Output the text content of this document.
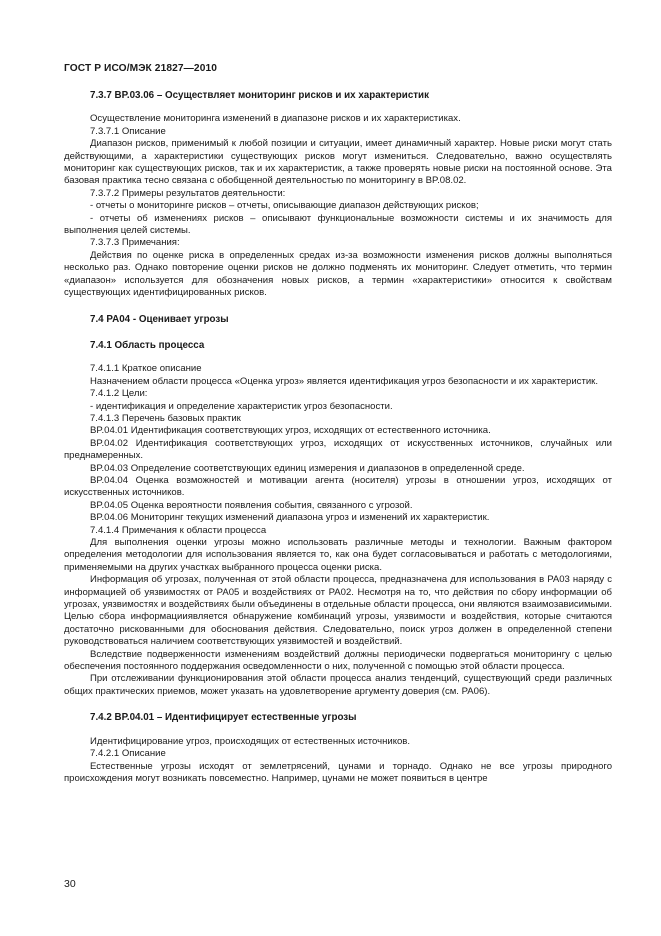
ГОСТ Р ИСО/МЭК 21827—2010
7.3.7 BP.03.06 – Осуществляет мониторинг рисков и их характеристик

Осуществление мониторинга изменений в диапазоне рисков и их характеристиках.

7.3.7.1 Описание

Диапазон рисков, применимый к любой позиции и ситуации, имеет динамичный характер. Новые риски могут стать действующими, а характеристики существующих рисков могут измениться. Следовательно, важно осуществлять мониторинг как существующих рисков, так и их характеристик, а также проверять новые риски на постоянной основе. Эта базовая практика тесно связана с обобщенной деятельностью по мониторингу в BP.08.02.

7.3.7.2 Примеры результатов деятельности:

- отчеты о мониторинге рисков – отчеты, описывающие диапазон действующих рисков;

- отчеты об изменениях рисков – описывают функциональные возможности системы и их значимость для выполнения целей системы.

7.3.7.3 Примечания:

Действия по оценке риска в определенных средах из-за возможности изменения рисков должны выполняться несколько раз. Однако повторение оценки рисков не должно подменять их мониторинг. Следует отметить, что термин «диапазон» используется для обозначения новых рисков, а термин «характеристики» относится к свойствам существующих идентифицированных рисков.

7.4 PA04 - Оценивает угрозы
7.4.1 Область процесса

7.4.1.1 Краткое описание

Назначением области процесса «Оценка угроз» является идентификация угроз безопасности и их характеристик.

7.4.1.2 Цели:

- идентификация и определение характеристик угроз безопасности.

7.4.1.3 Перечень базовых практик

BP.04.01 Идентификация соответствующих угроз, исходящих от естественного источника.

BP.04.02 Идентификация соответствующих угроз, исходящих от искусственных источников, случайных или преднамеренных.

BP.04.03 Определение соответствующих единиц измерения и диапазонов в определенной среде.

BP.04.04 Оценка возможностей и мотивации агента (носителя) угрозы в отношении угроз, исходящих от искусственных источников.

BP.04.05 Оценка вероятности появления события, связанного с угрозой.

BP.04.06 Мониторинг текущих изменений диапазона угроз и изменений их характеристик.

7.4.1.4 Примечания к области процесса

Для выполнения оценки угрозы можно использовать различные методы и технологии. Важным фактором определения методологии для использования является то, как она будет согласовываться и работать с методологиями, применяемыми на других участках выбранного процесса оценки риска.

Информация об угрозах, полученная от этой области процесса, предназначена для использования в PA03 наряду с информацией об уязвимостях от PA05 и воздействиях от PA02. Несмотря на то, что действия по сбору информации об угрозах, уязвимостях и воздействиях были объединены в отдельные области процесса, они являются взаимозависимыми. Целью сбора информацииявляется обнаружение комбинаций угрозы, уязвимости и воздействия, которые считаются достаточно рискованными для обоснования действия. Следовательно, поиск угроз должен в определенной степени руководствоваться наличием соответствующих уязвимостей и воздействий.

Вследствие подверженности изменениям воздействий должны периодически подвергаться мониторингу с целью обеспечения постоянного поддержания осведомленности о них, полученной с помощью этой области процесса.

При отслеживании функционирования этой области процесса анализ тенденций, существующий среди различных общих практических приемов, может указать на удовлетворение аргументу доверия (см. PA06).

7.4.2 BP.04.01 – Идентифицирует естественные угрозы

Идентифицирование угроз, происходящих от естественных источников.

7.4.2.1 Описание

Естественные угрозы исходят от землетрясений, цунами и торнадо. Однако не все угрозы природного происхождения могут возникать повсеместно. Например, цунами не может появиться в центре

30
